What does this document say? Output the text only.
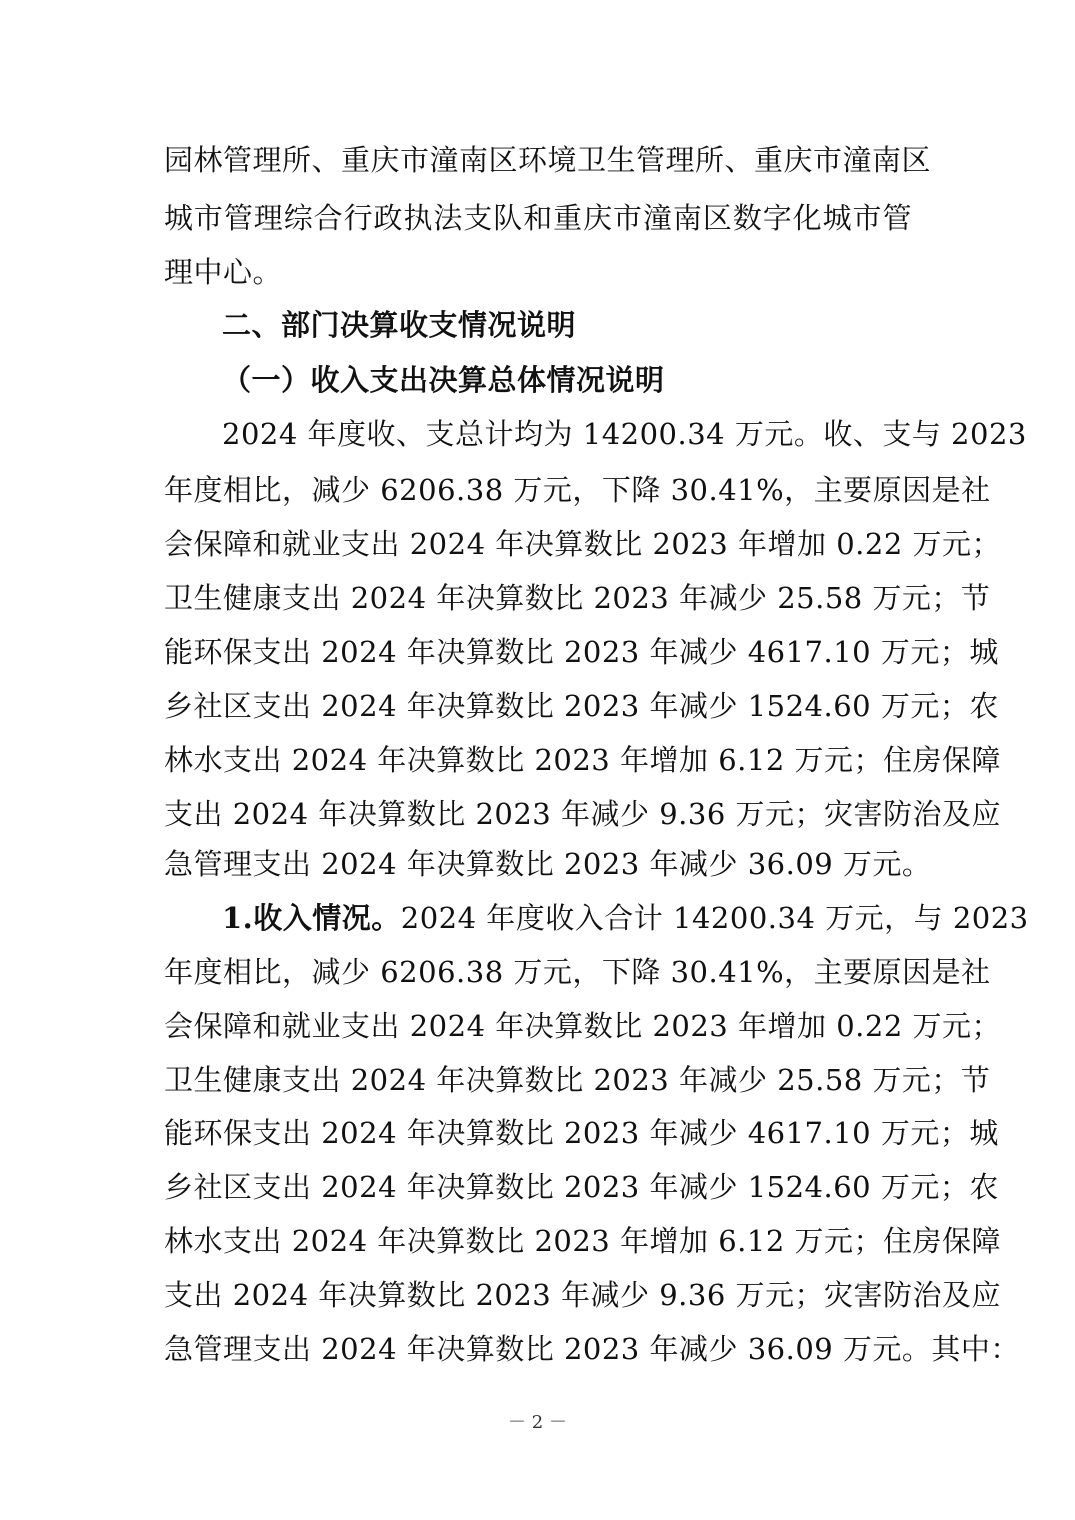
园林管理所、重庆市潼南区环境卫生管理所、重庆市潼南区
城市管理综合行政执法支队和重庆市潼南区数字化城市管
理中心。
二、部门决算收支情况说明
（一）收入支出决算总体情况说明
2024 年度收、支总计均为 14200.34 万元。收、支与 2023
年度相比，减少 6206.38 万元，下降 30.41%，主要原因是社
会保障和就业支出 2024 年决算数比 2023 年增加 0.22 万元；
卫生健康支出 2024 年决算数比 2023 年减少 25.58 万元；节
能环保支出 2024 年决算数比 2023 年减少 4617.10 万元；城
乡社区支出 2024 年决算数比 2023 年减少 1524.60 万元；农
林水支出 2024 年决算数比 2023 年增加 6.12 万元；住房保障
支出 2024 年决算数比 2023 年减少 9.36 万元；灾害防治及应
急管理支出 2024 年决算数比 2023 年减少 36.09 万元。
1.收入情况。2024 年度收入合计 14200.34 万元，与 2023
年度相比，减少 6206.38 万元，下降 30.41%，主要原因是社
会保障和就业支出 2024 年决算数比 2023 年增加 0.22 万元；
卫生健康支出 2024 年决算数比 2023 年减少 25.58 万元；节
能环保支出 2024 年决算数比 2023 年减少 4617.10 万元；城
乡社区支出 2024 年决算数比 2023 年减少 1524.60 万元；农
林水支出 2024 年决算数比 2023 年增加 6.12 万元；住房保障
支出 2024 年决算数比 2023 年减少 9.36 万元；灾害防治及应
急管理支出 2024 年决算数比 2023 年减少 36.09 万元。其中：
－ 2 －
